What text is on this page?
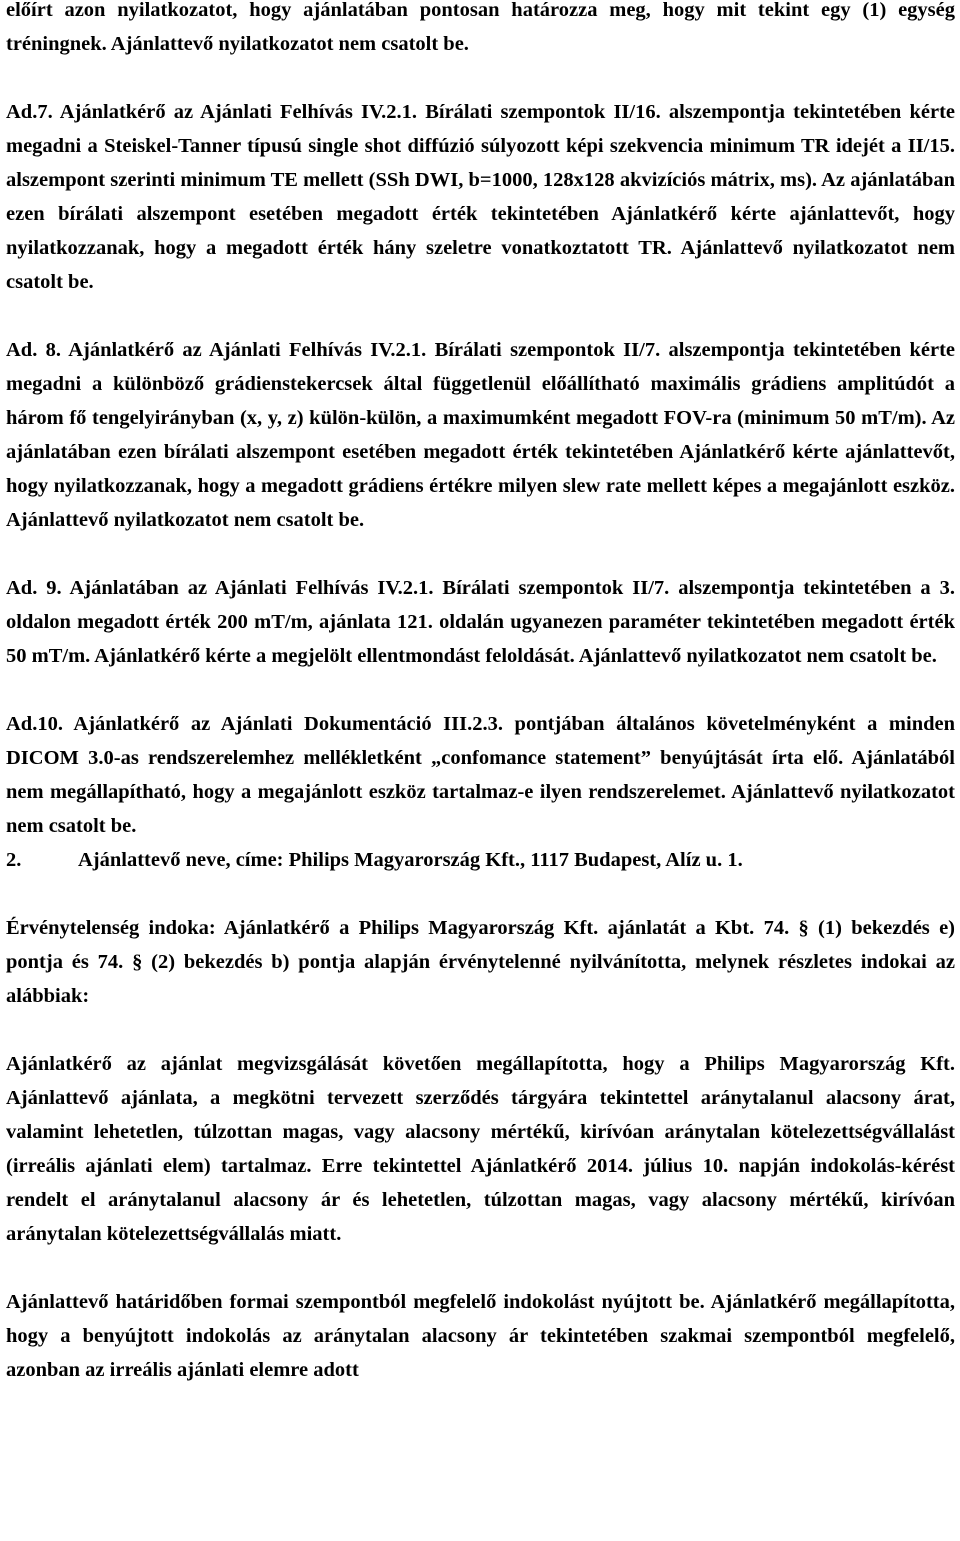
előírt azon nyilatkozatot, hogy ajánlatában pontosan határozza meg, hogy mit tekint egy (1) egység tréningnek. Ajánlattevő nyilatkozatot nem csatolt be.

Ad.7. Ajánlatkérő az Ajánlati Felhívás IV.2.1. Bírálati szempontok II/16. alszempontja tekintetében kérte megadni a Steiskel-Tanner típusú single shot diffúzió súlyozott képi szekvencia minimum TR idejét a II/15. alszempont szerinti minimum TE mellett (SSh DWI, b=1000, 128x128 akvizíciós mátrix, ms). Az ajánlatában ezen bírálati alszempont esetében megadott érték tekintetében Ajánlatkérő kérte ajánlattevőt, hogy nyilatkozzanak, hogy a megadott érték hány szeletre vonatkoztatott TR. Ajánlattevő nyilatkozatot nem csatolt be.

Ad. 8. Ajánlatkérő az Ajánlati Felhívás IV.2.1. Bírálati szempontok II/7. alszempontja tekintetében kérte megadni a különböző grádienstekercsek által függetlenül előállítható maximális grádiens amplitúdót a három fő tengelyirányban (x, y, z) külön-külön, a maximumként megadott FOV-ra (minimum 50 mT/m). Az ajánlatában ezen bírálati alszempont esetében megadott érték tekintetében Ajánlatkérő kérte ajánlattevőt, hogy nyilatkozzanak, hogy a megadott grádiens értékre milyen slew rate mellett képes a megajánlott eszköz. Ajánlattevő nyilatkozatot nem csatolt be.

Ad. 9. Ajánlatában az Ajánlati Felhívás IV.2.1. Bírálati szempontok II/7. alszempontja tekintetében a 3. oldalon megadott érték 200 mT/m, ajánlata 121. oldalán ugyanezen paraméter tekintetében megadott érték 50 mT/m. Ajánlatkérő kérte a megjelölt ellentmondást feloldását. Ajánlattevő nyilatkozatot nem csatolt be.

Ad.10. Ajánlatkérő az Ajánlati Dokumentáció III.2.3. pontjában általános követelményként a minden DICOM 3.0-as rendszerelemhez mellékletként „confomance statement” benyújtását írta elő. Ajánlatából nem megállapítható, hogy a megajánlott eszköz tartalmaz-e ilyen rendszerelemet. Ajánlattevő nyilatkozatot nem csatolt be.

2.	Ajánlattevő neve, címe: Philips Magyarország Kft., 1117 Budapest, Alíz u. 1.

Érvénytelenség indoka: Ajánlatkérő a Philips Magyarország Kft. ajánlatát a Kbt. 74. § (1) bekezdés e) pontja és 74. § (2) bekezdés b) pontja alapján érvénytelenné nyilvánította, melynek részletes indokai az alábbiak:

Ajánlatkérő az ajánlat megvizsgálását követően megállapította, hogy a Philips Magyarország Kft. Ajánlattevő ajánlata, a megkötni tervezett szerződés tárgyára tekintettel aránytalanul alacsony árat, valamint lehetetlen, túlzottan magas, vagy alacsony mértékű, kirívóan aránytalan kötelezettségvállalást (irreális ajánlati elem) tartalmaz. Erre tekintettel Ajánlatkérő 2014. július 10. napján indokolás-kérést rendelt el aránytalanul alacsony ár és lehetetlen, túlzottan magas, vagy alacsony mértékű, kirívóan aránytalan kötelezettségvállalás miatt.

Ajánlattevő határidőben formai szempontból megfelelő indokolást nyújtott be. Ajánlatkérő megállapította, hogy a benyújtott indokolás az aránytalan alacsony ár tekintetében szakmai szempontból megfelelő, azonban az irreális ajánlati elemre adott
